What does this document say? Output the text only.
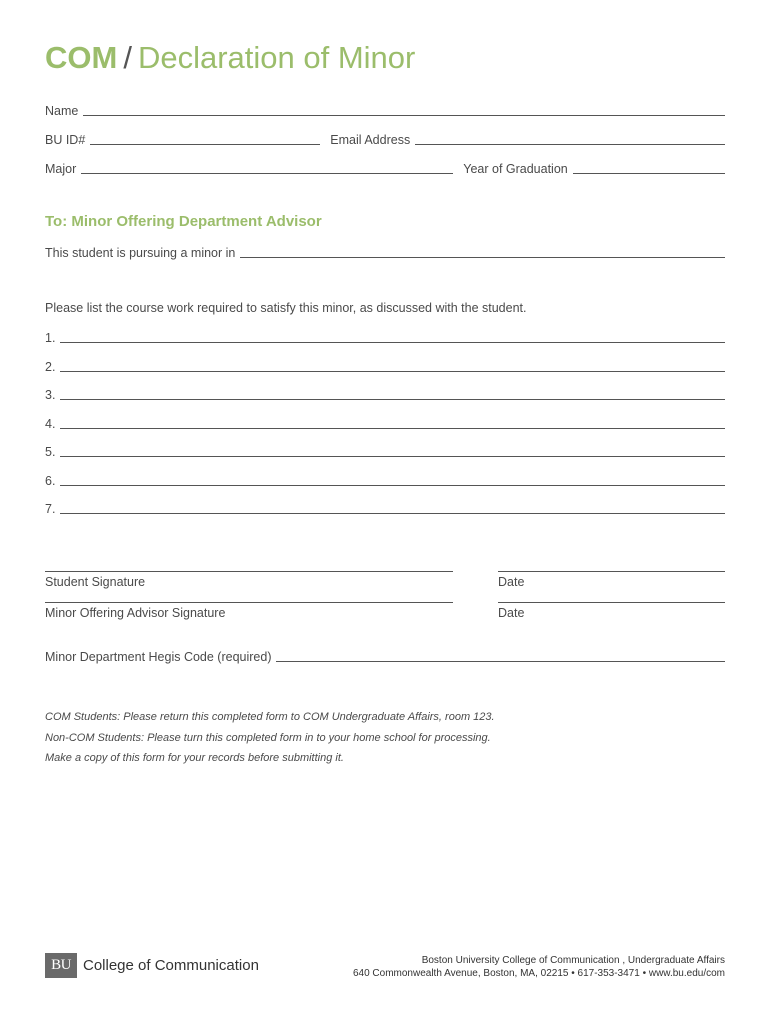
COM / Declaration of Minor
Name
BU ID#	Email Address
Major	Year of Graduation
To: Minor Offering Department Advisor
This student is pursuing a minor in
Please list the course work required to satisfy this minor, as discussed with the student.
1.
2.
3.
4.
5.
6.
7.
Student Signature	Date
Minor Offering Advisor Signature	Date
Minor Department Hegis Code (required)
COM Students: Please return this completed form to COM Undergraduate Affairs, room 123.
Non-COM Students: Please turn this completed form in to your home school for processing.
Make a copy of this form for your records before submitting it.
BU College of Communication	Boston University College of Communication , Undergraduate Affairs
640 Commonwealth Avenue, Boston, MA, 02215 • 617-353-3471 • www.bu.edu/com
